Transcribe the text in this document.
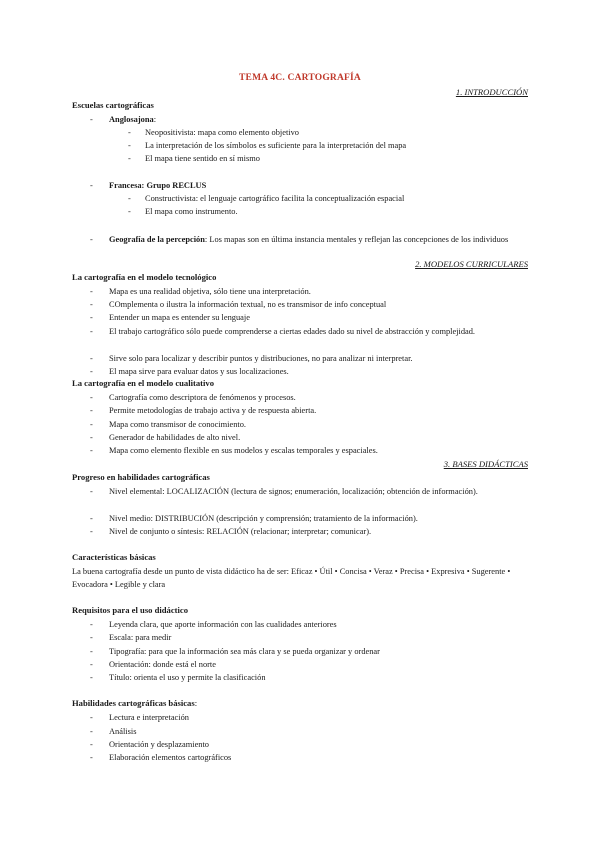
TEMA 4C. CARTOGRAFÍA
1. INTRODUCCIÓN
Escuelas cartográficas
- Anglosajona:
- Neopositivista: mapa como elemento objetivo
- La interpretación de los símbolos es suficiente para la interpretación del mapa
- El mapa tiene sentido en sí mismo
- Francesa: Grupo RECLUS
- Constructivista: el lenguaje cartográfico facilita la conceptualización espacial
- El mapa como instrumento.
- Geografía de la percepción: Los mapas son en última instancia mentales y reflejan las concepciones de los individuos
2. MODELOS CURRICULARES
La cartografía en el modelo tecnológico
- Mapa es una realidad objetiva, sólo tiene una interpretación.
- COmplementa o ilustra la información textual, no es transmisor de info conceptual
- Entender un mapa es entender su lenguaje
- El trabajo cartográfico sólo puede comprenderse a ciertas edades dado su nivel de abstracción y complejidad.
- Sirve solo para localizar y describir puntos y distribuciones, no para analizar ni interpretar.
- El mapa sirve para evaluar datos y sus localizaciones.
La cartografía en el modelo cualitativo
- Cartografía como descriptora de fenómenos y procesos.
- Permite metodologías de trabajo activa y de respuesta abierta.
- Mapa como transmisor de conocimiento.
- Generador de habilidades de alto nivel.
- Mapa como elemento flexible en sus modelos y escalas temporales y espaciales.
3. BASES DIDÁCTICAS
Progreso en habilidades cartográficas
- Nivel elemental: LOCALIZACIÓN (lectura de signos; enumeración, localización; obtención de información).
- Nivel medio: DISTRIBUCIÓN (descripción y comprensión; tratamiento de la información).
- Nivel de conjunto o síntesis: RELACIÓN (relacionar; interpretar; comunicar).
Características básicas
La buena cartografía desde un punto de vista didáctico ha de ser: Eficaz • Útil • Concisa • Veraz • Precisa • Expresiva • Sugerente • Evocadora • Legible y clara
Requisitos para el uso didáctico
- Leyenda clara, que aporte información con las cualidades anteriores
- Escala: para medir
- Tipografía: para que la información sea más clara y se pueda organizar y ordenar
- Orientación: donde está el norte
- Título: orienta el uso y permite la clasificación
Habilidades cartográficas básicas:
- Lectura e interpretación
- Análisis
- Orientación y desplazamiento
- Elaboración elementos cartográficos
